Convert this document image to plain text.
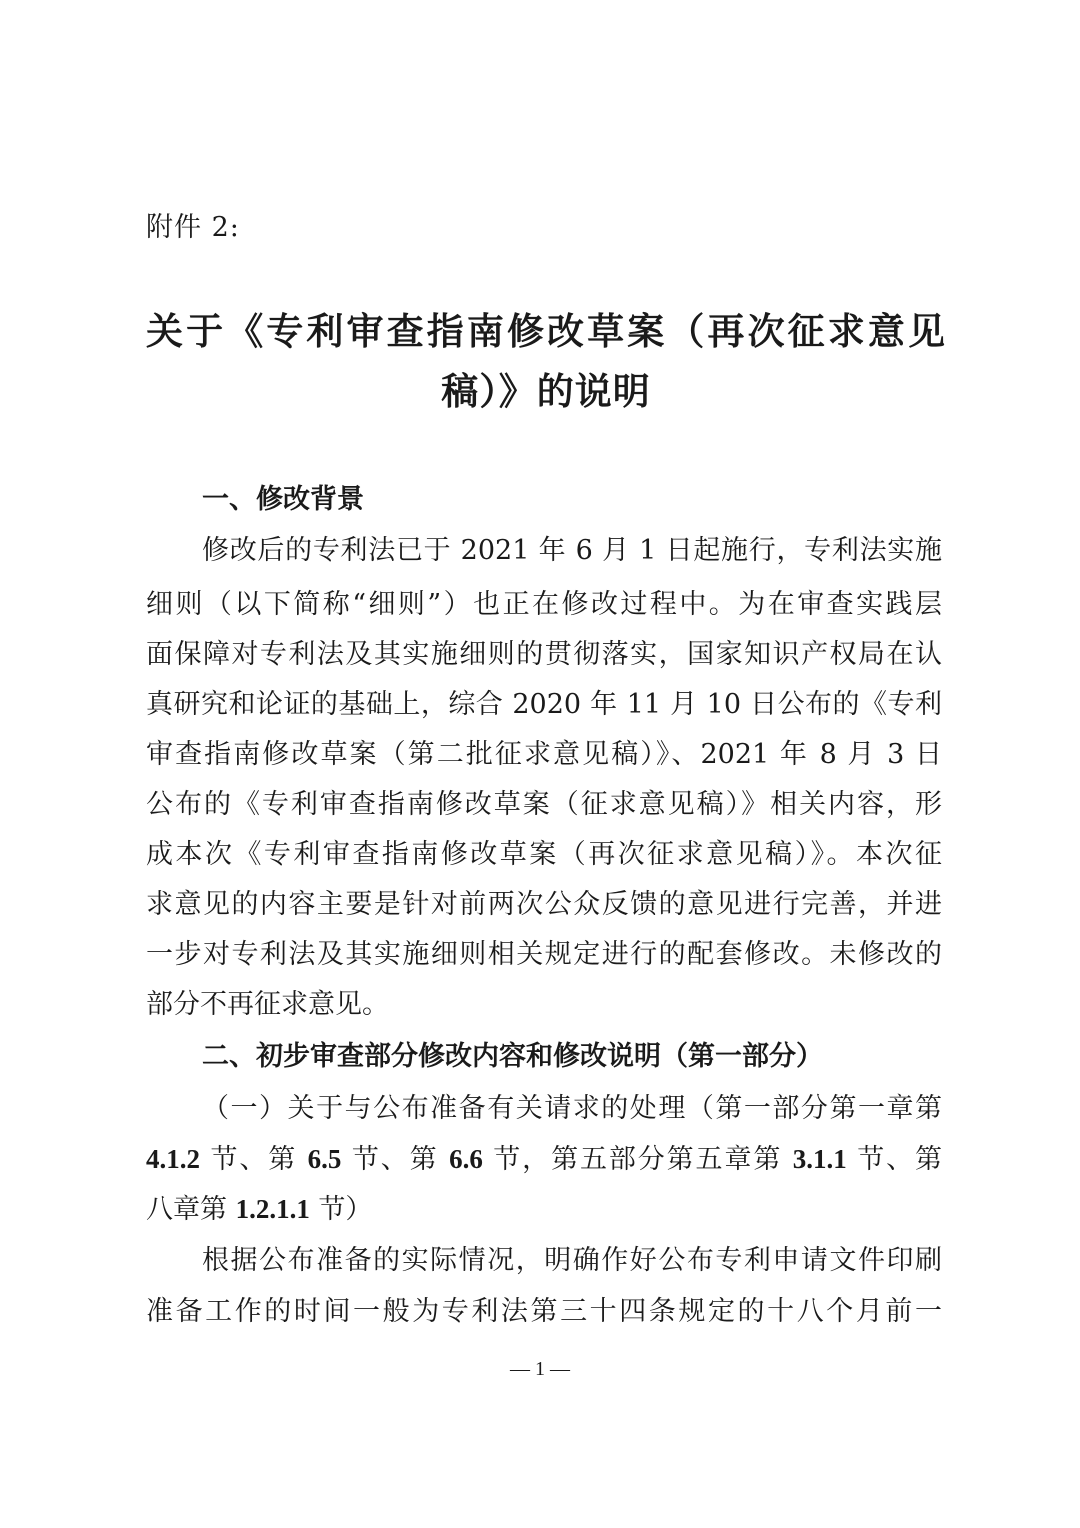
附件 2:
关于《专利审查指南修改草案（再次征求意见
稿）》的说明
一、修改背景
修改后的专利法已于 2021 年 6 月 1 日起施行，专利法实施
细则（以下简称“细则”）也正在修改过程中。为在审查实践层
面保障对专利法及其实施细则的贯彻落实，国家知识产权局在认
真研究和论证的基础上，综合 2020 年 11 月 10 日公布的《专利
审查指南修改草案（第二批征求意见稿）》、2021 年 8 月 3 日
公布的《专利审查指南修改草案（征求意见稿）》相关内容，形
成本次《专利审查指南修改草案（再次征求意见稿）》。本次征
求意见的内容主要是针对前两次公众反馈的意见进行完善，并进
一步对专利法及其实施细则相关规定进行的配套修改。未修改的
部分不再征求意见。
二、初步审查部分修改内容和修改说明（第一部分）
（一）关于与公布准备有关请求的处理（第一部分第一章第
4.1.2 节、第 6.5 节、第 6.6 节，第五部分第五章第 3.1.1 节、第
八章第 1.2.1.1 节）
根据公布准备的实际情况，明确作好公布专利申请文件印刷
准备工作的时间一般为专利法第三十四条规定的十八个月前一
— 1 —
